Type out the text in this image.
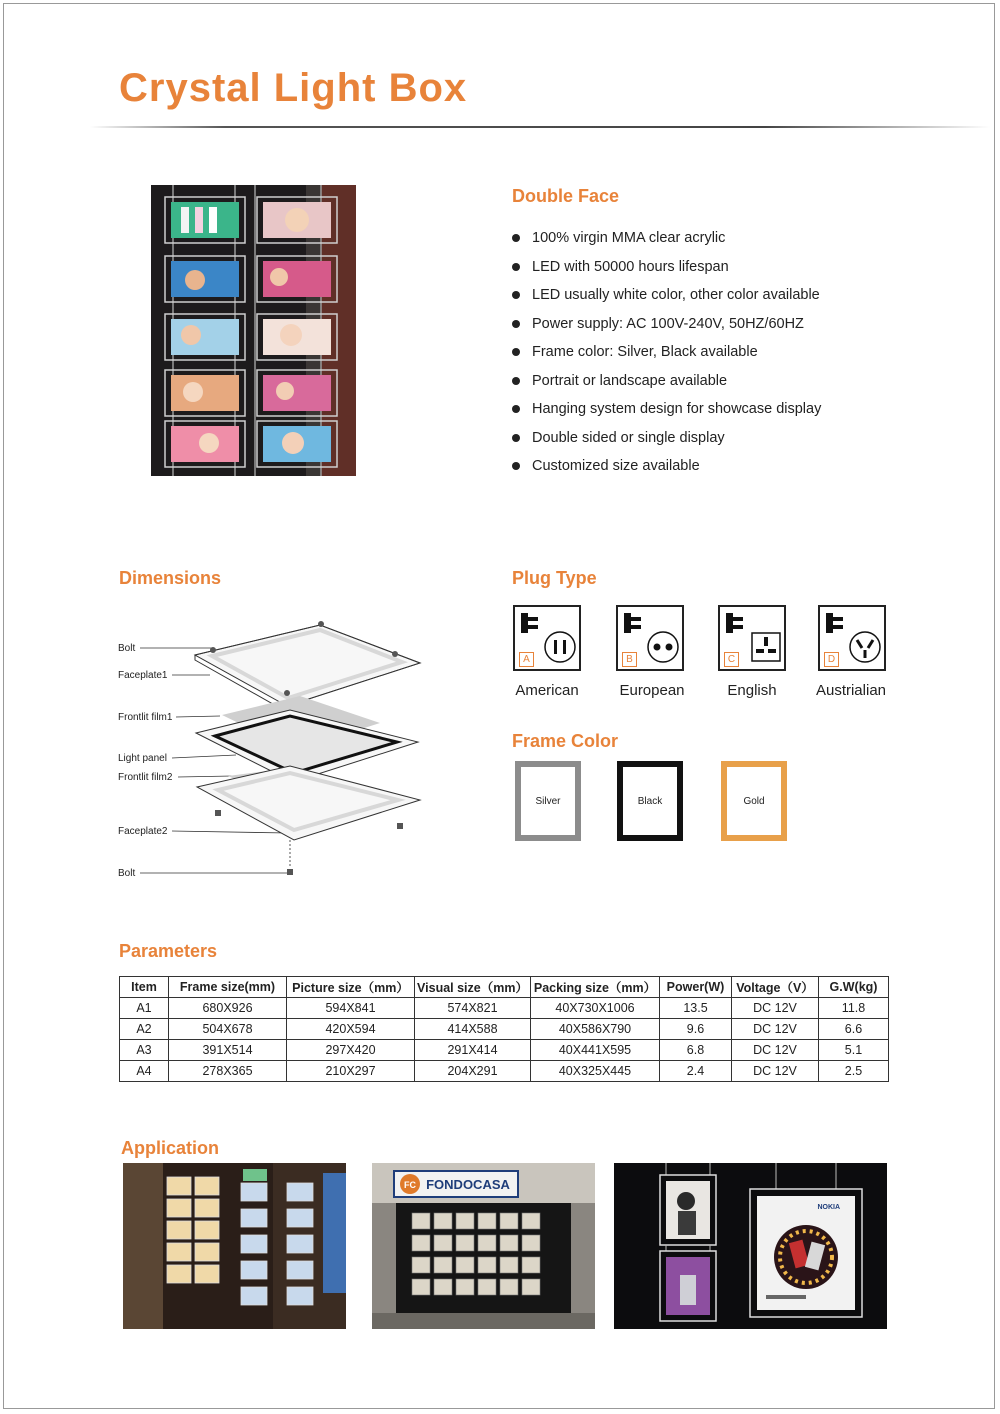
Crystal Light Box
Double Face
100% virgin MMA clear acrylic
LED with 50000 hours lifespan
LED usually white color, other color available
Power supply: AC 100V-240V, 50HZ/60HZ
Frame color: Silver, Black available
Portrait or landscape available
Hanging system design for showcase display
Double sided or single display
Customized size available
Dimensions
Bolt
Faceplate1
Frontlit film1
Light panel
Frontlit film2
Faceplate2
Bolt
Plug Type
A	B	C	D
American	European	English	Austrialian
Frame Color
Silver	Black	Gold
Parameters
Item	Frame size(mm)	Picture size（mm）	Visual size（mm）	Packing size（mm）	Power(W)	Voltage（V）	G.W(kg)
A1	680X926	594X841	574X821	40X730X1006	13.5	DC 12V	11.8
A2	504X678	420X594	414X588	40X586X790	9.6	DC 12V	6.6
A3	391X514	297X420	291X414	40X441X595	6.8	DC 12V	5.1
A4	278X365	210X297	204X291	40X325X445	2.4	DC 12V	2.5
Application
FC FONDOCASA
NOKIA
